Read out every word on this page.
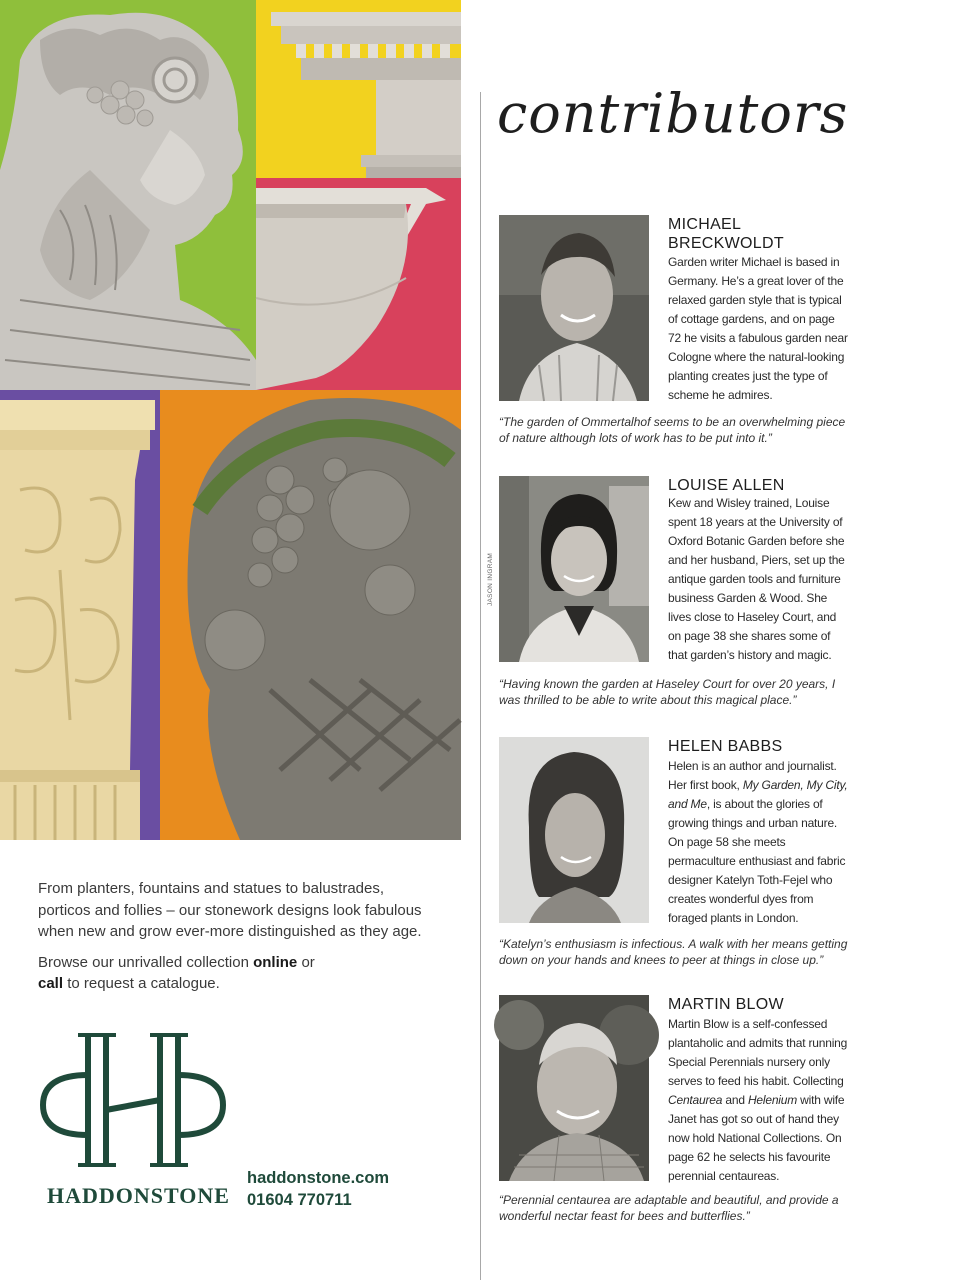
From planters, fountains and statues to balustrades, porticos and follies – our stonework designs look fabulous when new and grow ever-more distinguished as they age.

Browse our unrivalled collection online or
call to request a catalogue.

HADDONSTONE
haddonstone.com
01604 770711
contributors
MICHAEL BRECKWOLDT
Garden writer Michael is based in Germany. He’s a great lover of the relaxed garden style that is typical of cottage gardens, and on page 72 he visits a fabulous garden near Cologne where the natural-looking planting creates just the type of scheme he admires.
“The garden of Ommertalhof seems to be an overwhelming piece of nature although lots of work has to be put into it.”
JASON INGRAM
LOUISE ALLEN
Kew and Wisley trained, Louise spent 18 years at the University of Oxford Botanic Garden before she and her husband, Piers, set up the antique garden tools and furniture business Garden & Wood. She lives close to Haseley Court, and on page 38 she shares some of that garden’s history and magic.
“Having known the garden at Haseley Court for over 20 years, I was thrilled to be able to write about this magical place.”
HELEN BABBS
Helen is an author and journalist. Her first book, My Garden, My City, and Me, is about the glories of growing things and urban nature. On page 58 she meets permaculture enthusiast and fabric designer Katelyn Toth-Fejel who creates wonderful dyes from foraged plants in London.
“Katelyn’s enthusiasm is infectious. A walk with her means getting down on your hands and knees to peer at things in close up.”
MARTIN BLOW
Martin Blow is a self-confessed plantaholic and admits that running Special Perennials nursery only serves to feed his habit. Collecting Centaurea and Helenium with wife Janet has got so out of hand they now hold National Collections. On page 62 he selects his favourite perennial centaureas.
“Perennial centaurea are adaptable and beautiful, and provide a wonderful nectar feast for bees and butterflies.”
